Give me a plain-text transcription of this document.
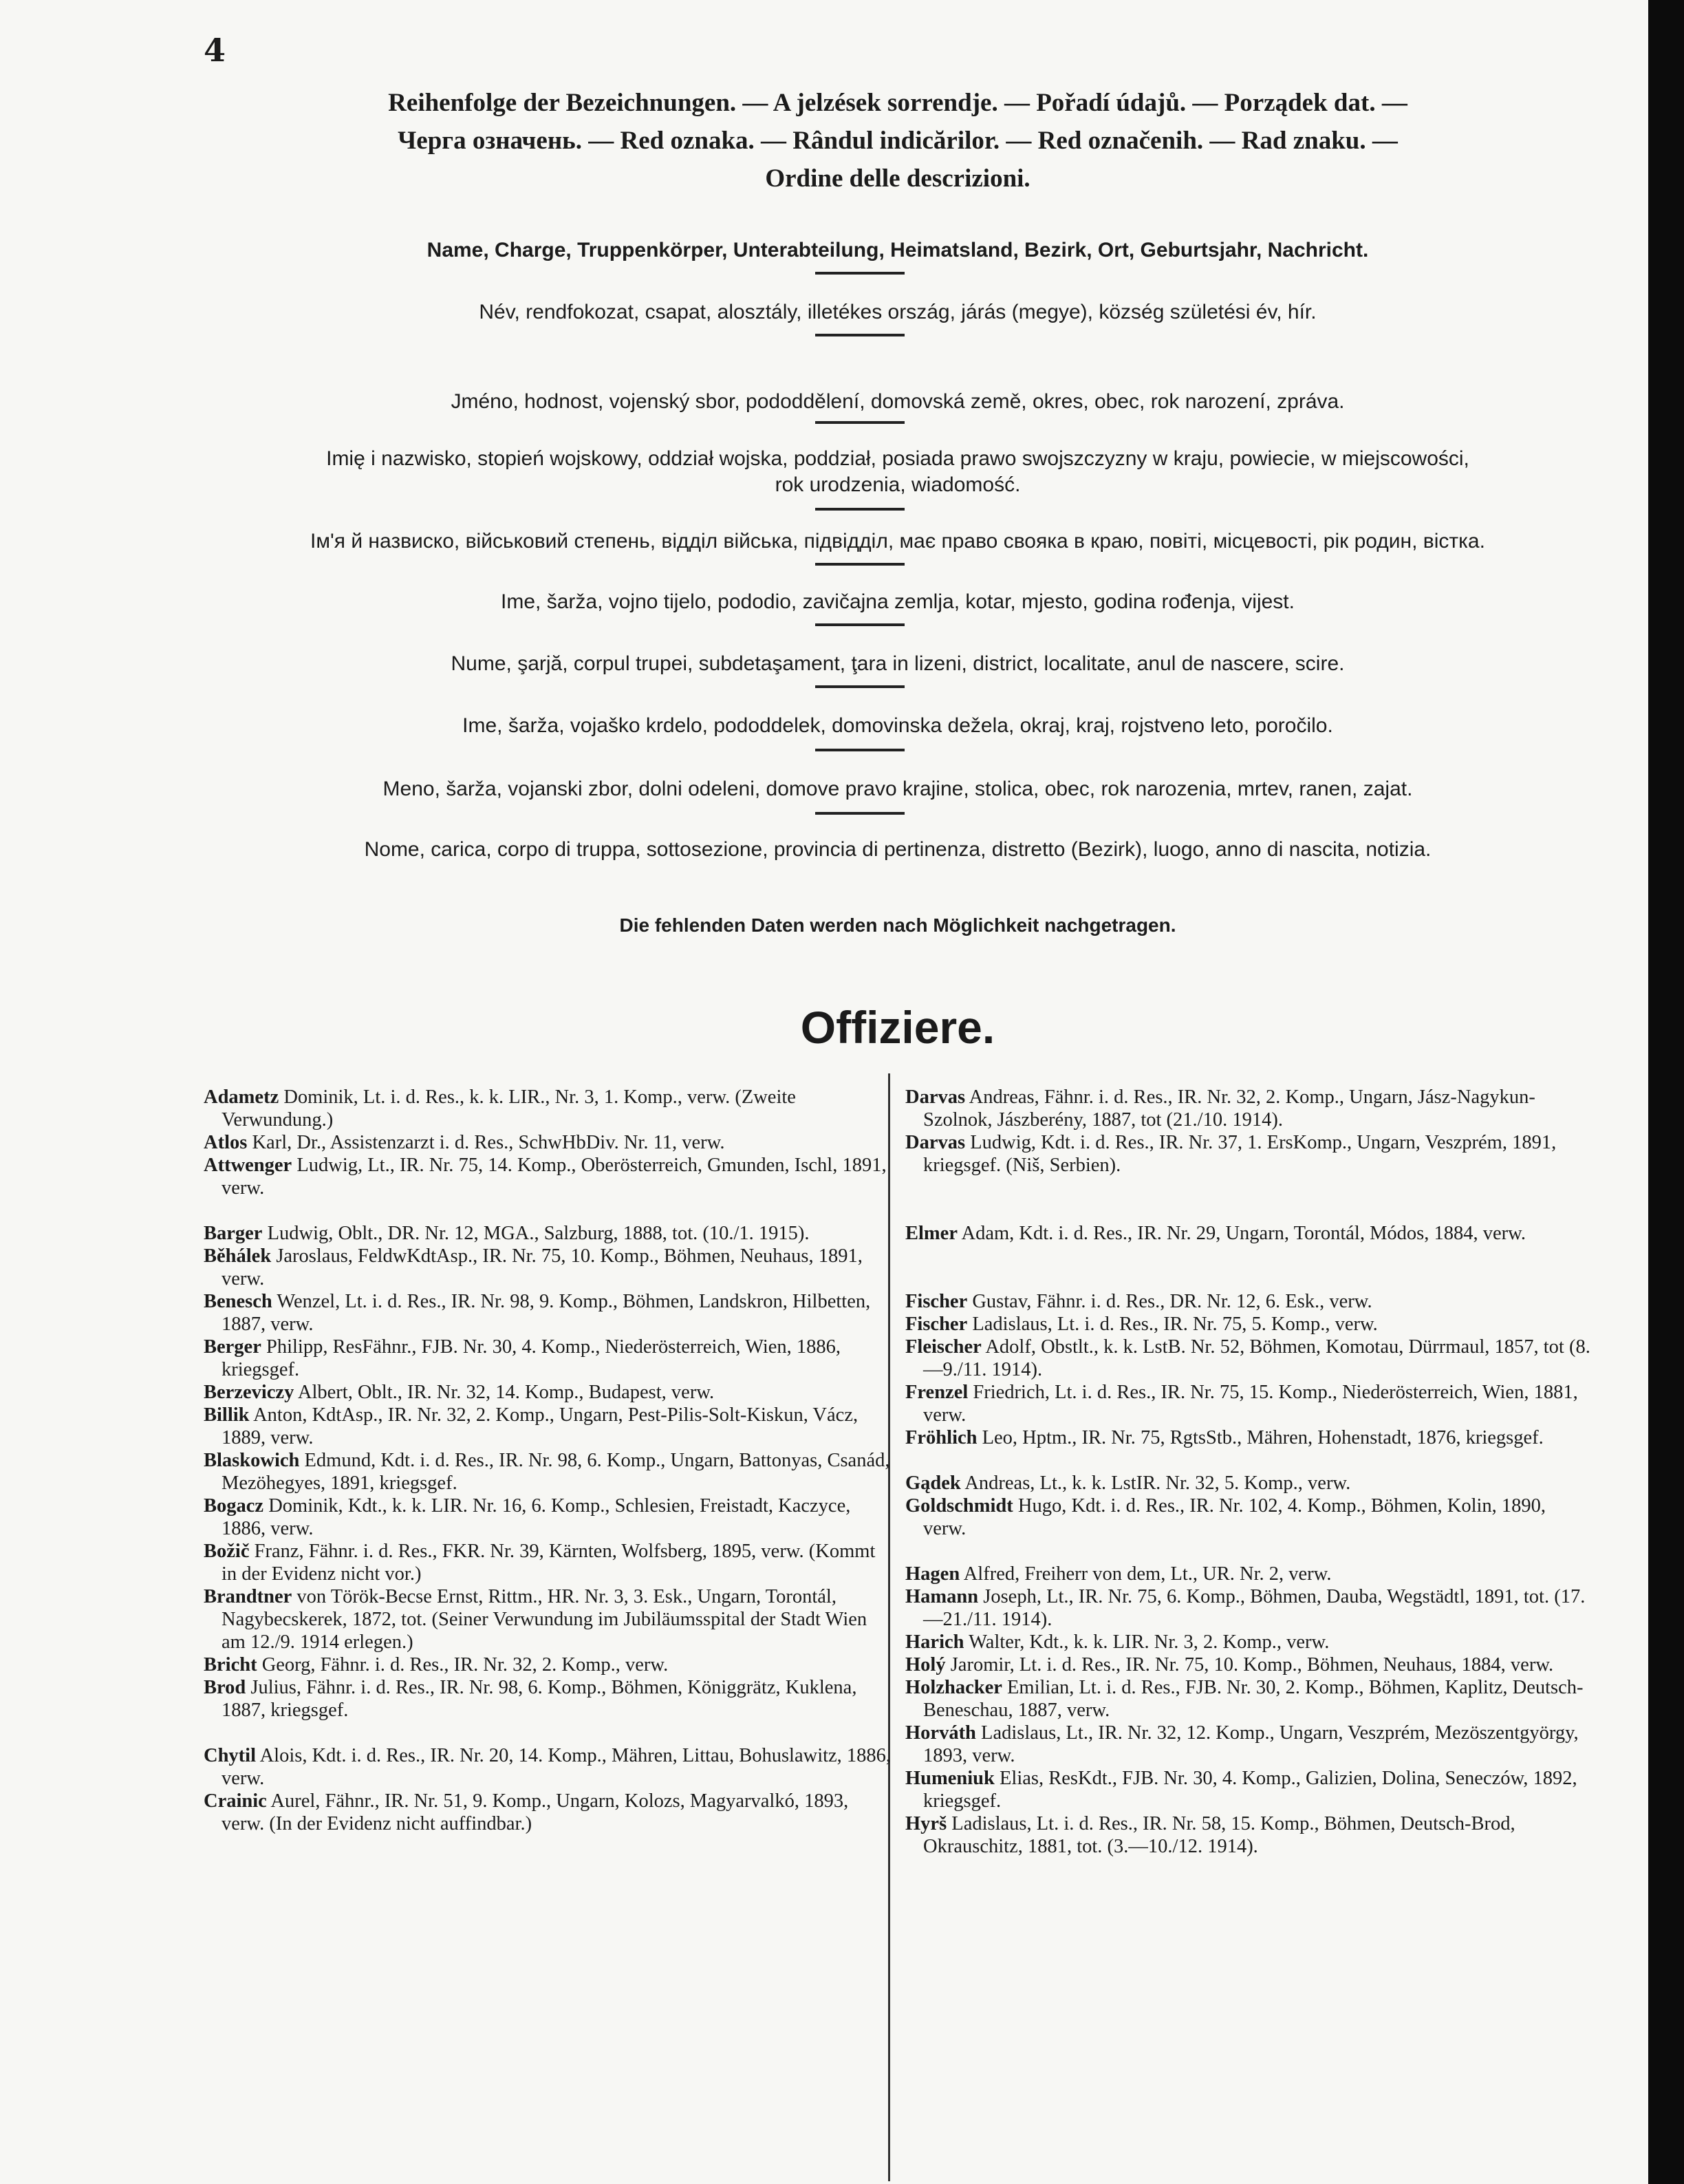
4
Reihenfolge der Bezeichnungen. — A jelzések sorrendje. — Pořadí údajů. — Porządek dat. —
Черга означень. — Red oznaka. — Rândul indicărilor. — Red označenih. — Rad znaku. —
Ordine delle descrizioni.
Name, Charge, Truppenkörper, Unterabteilung, Heimatsland, Bezirk, Ort, Geburtsjahr, Nachricht.
Név, rendfokozat, csapat, alosztály, illetékes ország, járás (megye), község születési év, hír.
Jméno, hodnost, vojenský sbor, pododdělení, domovská země, okres, obec, rok narození, zpráva.
Imię i nazwisko, stopień wojskowy, oddział wojska, poddział, posiada prawo swojszczyzny w kraju, powiecie, w miejscowości,
rok urodzenia, wiadomość.
Ім'я й назвиско, військовий степень, відділ війська, підвідділ, має право свояка в краю, повіті, місцевості, рік родин, вістка.
Ime, šarža, vojno tijelo, pododio, zavičajna zemlja, kotar, mjesto, godina rođenja, vijest.
Nume, şarjă, corpul trupei, subdetaşament, ţara in lizeni, district, localitate, anul de nascere, scire.
Ime, šarža, vojaško krdelo, pododdelek, domovinska dežela, okraj, kraj, rojstveno leto, poročilo.
Meno, šarža, vojanski zbor, dolni odeleni, domove pravo krajine, stolica, obec, rok narozenia, mrtev, ranen, zajat.
Nome, carica, corpo di truppa, sottosezione, provincia di pertinenza, distretto (Bezirk), luogo, anno di nascita, notizia.
Die fehlenden Daten werden nach Möglichkeit nachgetragen.
Offiziere.

Adametz Dominik, Lt. i. d. Res., k. k. LIR., Nr. 3, 1. Komp., verw. (Zweite Verwundung.)

Atlos Karl, Dr., Assistenzarzt i. d. Res., SchwHbDiv. Nr. 11, verw.

Attwenger Ludwig, Lt., IR. Nr. 75, 14. Komp., Oberösterreich, Gmunden, Ischl, 1891, verw.

Barger Ludwig, Oblt., DR. Nr. 12, MGA., Salzburg, 1888, tot. (10./1. 1915).

Běhálek Jaroslaus, FeldwKdtAsp., IR. Nr. 75, 10. Komp., Böhmen, Neuhaus, 1891, verw.

Benesch Wenzel, Lt. i. d. Res., IR. Nr. 98, 9. Komp., Böhmen, Landskron, Hilbetten, 1887, verw.

Berger Philipp, ResFähnr., FJB. Nr. 30, 4. Komp., Niederösterreich, Wien, 1886, kriegsgef.

Berzeviczy Albert, Oblt., IR. Nr. 32, 14. Komp., Budapest, verw.

Billik Anton, KdtAsp., IR. Nr. 32, 2. Komp., Ungarn, Pest-Pilis-Solt-Kiskun, Vácz, 1889, verw.

Blaskowich Edmund, Kdt. i. d. Res., IR. Nr. 98, 6. Komp., Ungarn, Battonyas, Csanád, Mezöhegyes, 1891, kriegsgef.

Bogacz Dominik, Kdt., k. k. LIR. Nr. 16, 6. Komp., Schlesien, Freistadt, Kaczyce, 1886, verw.

Božič Franz, Fähnr. i. d. Res., FKR. Nr. 39, Kärnten, Wolfsberg, 1895, verw. (Kommt in der Evidenz nicht vor.)

Brandtner von Török-Becse Ernst, Rittm., HR. Nr. 3, 3. Esk., Ungarn, Torontál, Nagybecskerek, 1872, tot. (Seiner Verwundung im Jubiläumsspital der Stadt Wien am 12./9. 1914 erlegen.)

Bricht Georg, Fähnr. i. d. Res., IR. Nr. 32, 2. Komp., verw.

Brod Julius, Fähnr. i. d. Res., IR. Nr. 98, 6. Komp., Böhmen, Königgrätz, Kuklena, 1887, kriegsgef.

Chytil Alois, Kdt. i. d. Res., IR. Nr. 20, 14. Komp., Mähren, Littau, Bohuslawitz, 1886, verw.

Crainic Aurel, Fähnr., IR. Nr. 51, 9. Komp., Ungarn, Kolozs, Magyarvalkó, 1893, verw. (In der Evidenz nicht auffindbar.)

Darvas Andreas, Fähnr. i. d. Res., IR. Nr. 32, 2. Komp., Ungarn, Jász-Nagykun-Szolnok, Jászberény, 1887, tot (21./10. 1914).

Darvas Ludwig, Kdt. i. d. Res., IR. Nr. 37, 1. ErsKomp., Ungarn, Veszprém, 1891, kriegsgef. (Niš, Serbien).

Elmer Adam, Kdt. i. d. Res., IR. Nr. 29, Ungarn, Torontál, Módos, 1884, verw.

Fischer Gustav, Fähnr. i. d. Res., DR. Nr. 12, 6. Esk., verw.

Fischer Ladislaus, Lt. i. d. Res., IR. Nr. 75, 5. Komp., verw.

Fleischer Adolf, Obstlt., k. k. LstB. Nr. 52, Böhmen, Komotau, Dürrmaul, 1857, tot (8.—9./11. 1914).

Frenzel Friedrich, Lt. i. d. Res., IR. Nr. 75, 15. Komp., Niederösterreich, Wien, 1881, verw.

Fröhlich Leo, Hptm., IR. Nr. 75, RgtsStb., Mähren, Hohenstadt, 1876, kriegsgef.

Gądek Andreas, Lt., k. k. LstIR. Nr. 32, 5. Komp., verw.

Goldschmidt Hugo, Kdt. i. d. Res., IR. Nr. 102, 4. Komp., Böhmen, Kolin, 1890, verw.

Hagen Alfred, Freiherr von dem, Lt., UR. Nr. 2, verw.

Hamann Joseph, Lt., IR. Nr. 75, 6. Komp., Böhmen, Dauba, Wegstädtl, 1891, tot. (17.—21./11. 1914).

Harich Walter, Kdt., k. k. LIR. Nr. 3, 2. Komp., verw.

Holý Jaromir, Lt. i. d. Res., IR. Nr. 75, 10. Komp., Böhmen, Neuhaus, 1884, verw.

Holzhacker Emilian, Lt. i. d. Res., FJB. Nr. 30, 2. Komp., Böhmen, Kaplitz, Deutsch-Beneschau, 1887, verw.

Horváth Ladislaus, Lt., IR. Nr. 32, 12. Komp., Ungarn, Veszprém, Mezöszentgyörgy, 1893, verw.

Humeniuk Elias, ResKdt., FJB. Nr. 30, 4. Komp., Galizien, Dolina, Seneczów, 1892, kriegsgef.

Hyrš Ladislaus, Lt. i. d. Res., IR. Nr. 58, 15. Komp., Böhmen, Deutsch-Brod, Okrauschitz, 1881, tot. (3.—10./12. 1914).
